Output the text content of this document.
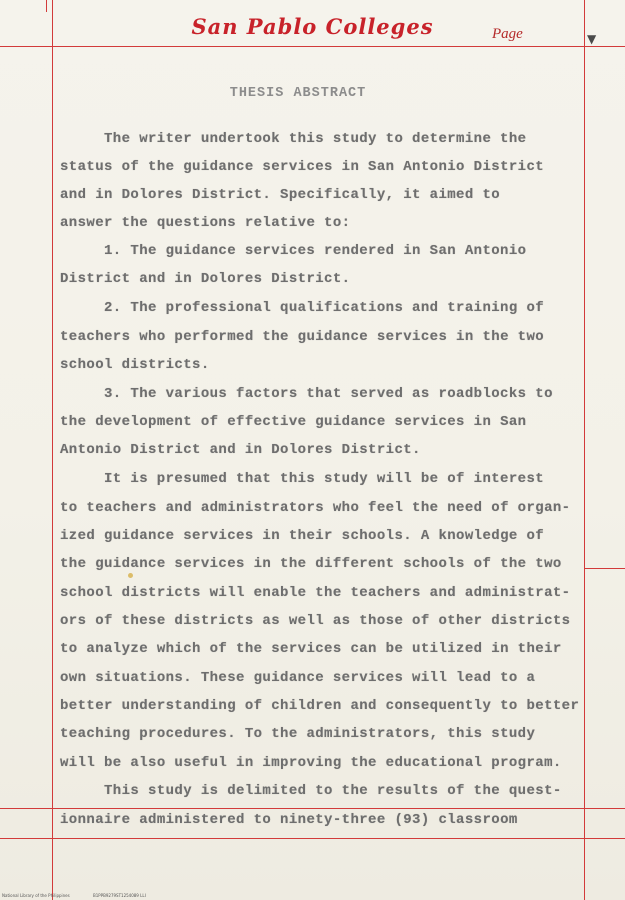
San Pablo Colleges	Page	▼
THESIS ABSTRACT
The writer undertook this study to determine the
status of the guidance services in San Antonio District
and in Dolores District. Specifically, it aimed to
answer the questions relative to:
1. The guidance services rendered in San Antonio
District and in Dolores District.
2. The professional qualifications and training of
teachers who performed the guidance services in the two
school districts.
3. The various factors that served as roadblocks to
the development of effective guidance services in San
Antonio District and in Dolores District.
It is presumed that this study will be of interest
to teachers and administrators who feel the need of organ-
ized guidance services in their schools. A knowledge of
the guidance services in the different schools of the two
school districts will enable the teachers and administrat-
ors of these districts as well as those of other districts
to analyze which of the services can be utilized in their
own situations. These guidance services will lead to a
better understanding of children and consequently to better
teaching procedures. To the administrators, this study
will be also useful in improving the educational program.
This study is delimited to the results of the quest-
ionnaire administered to ninety-three (93) classroom
National Library of the Philippines	B1PPB9279ST1254089 LLI
